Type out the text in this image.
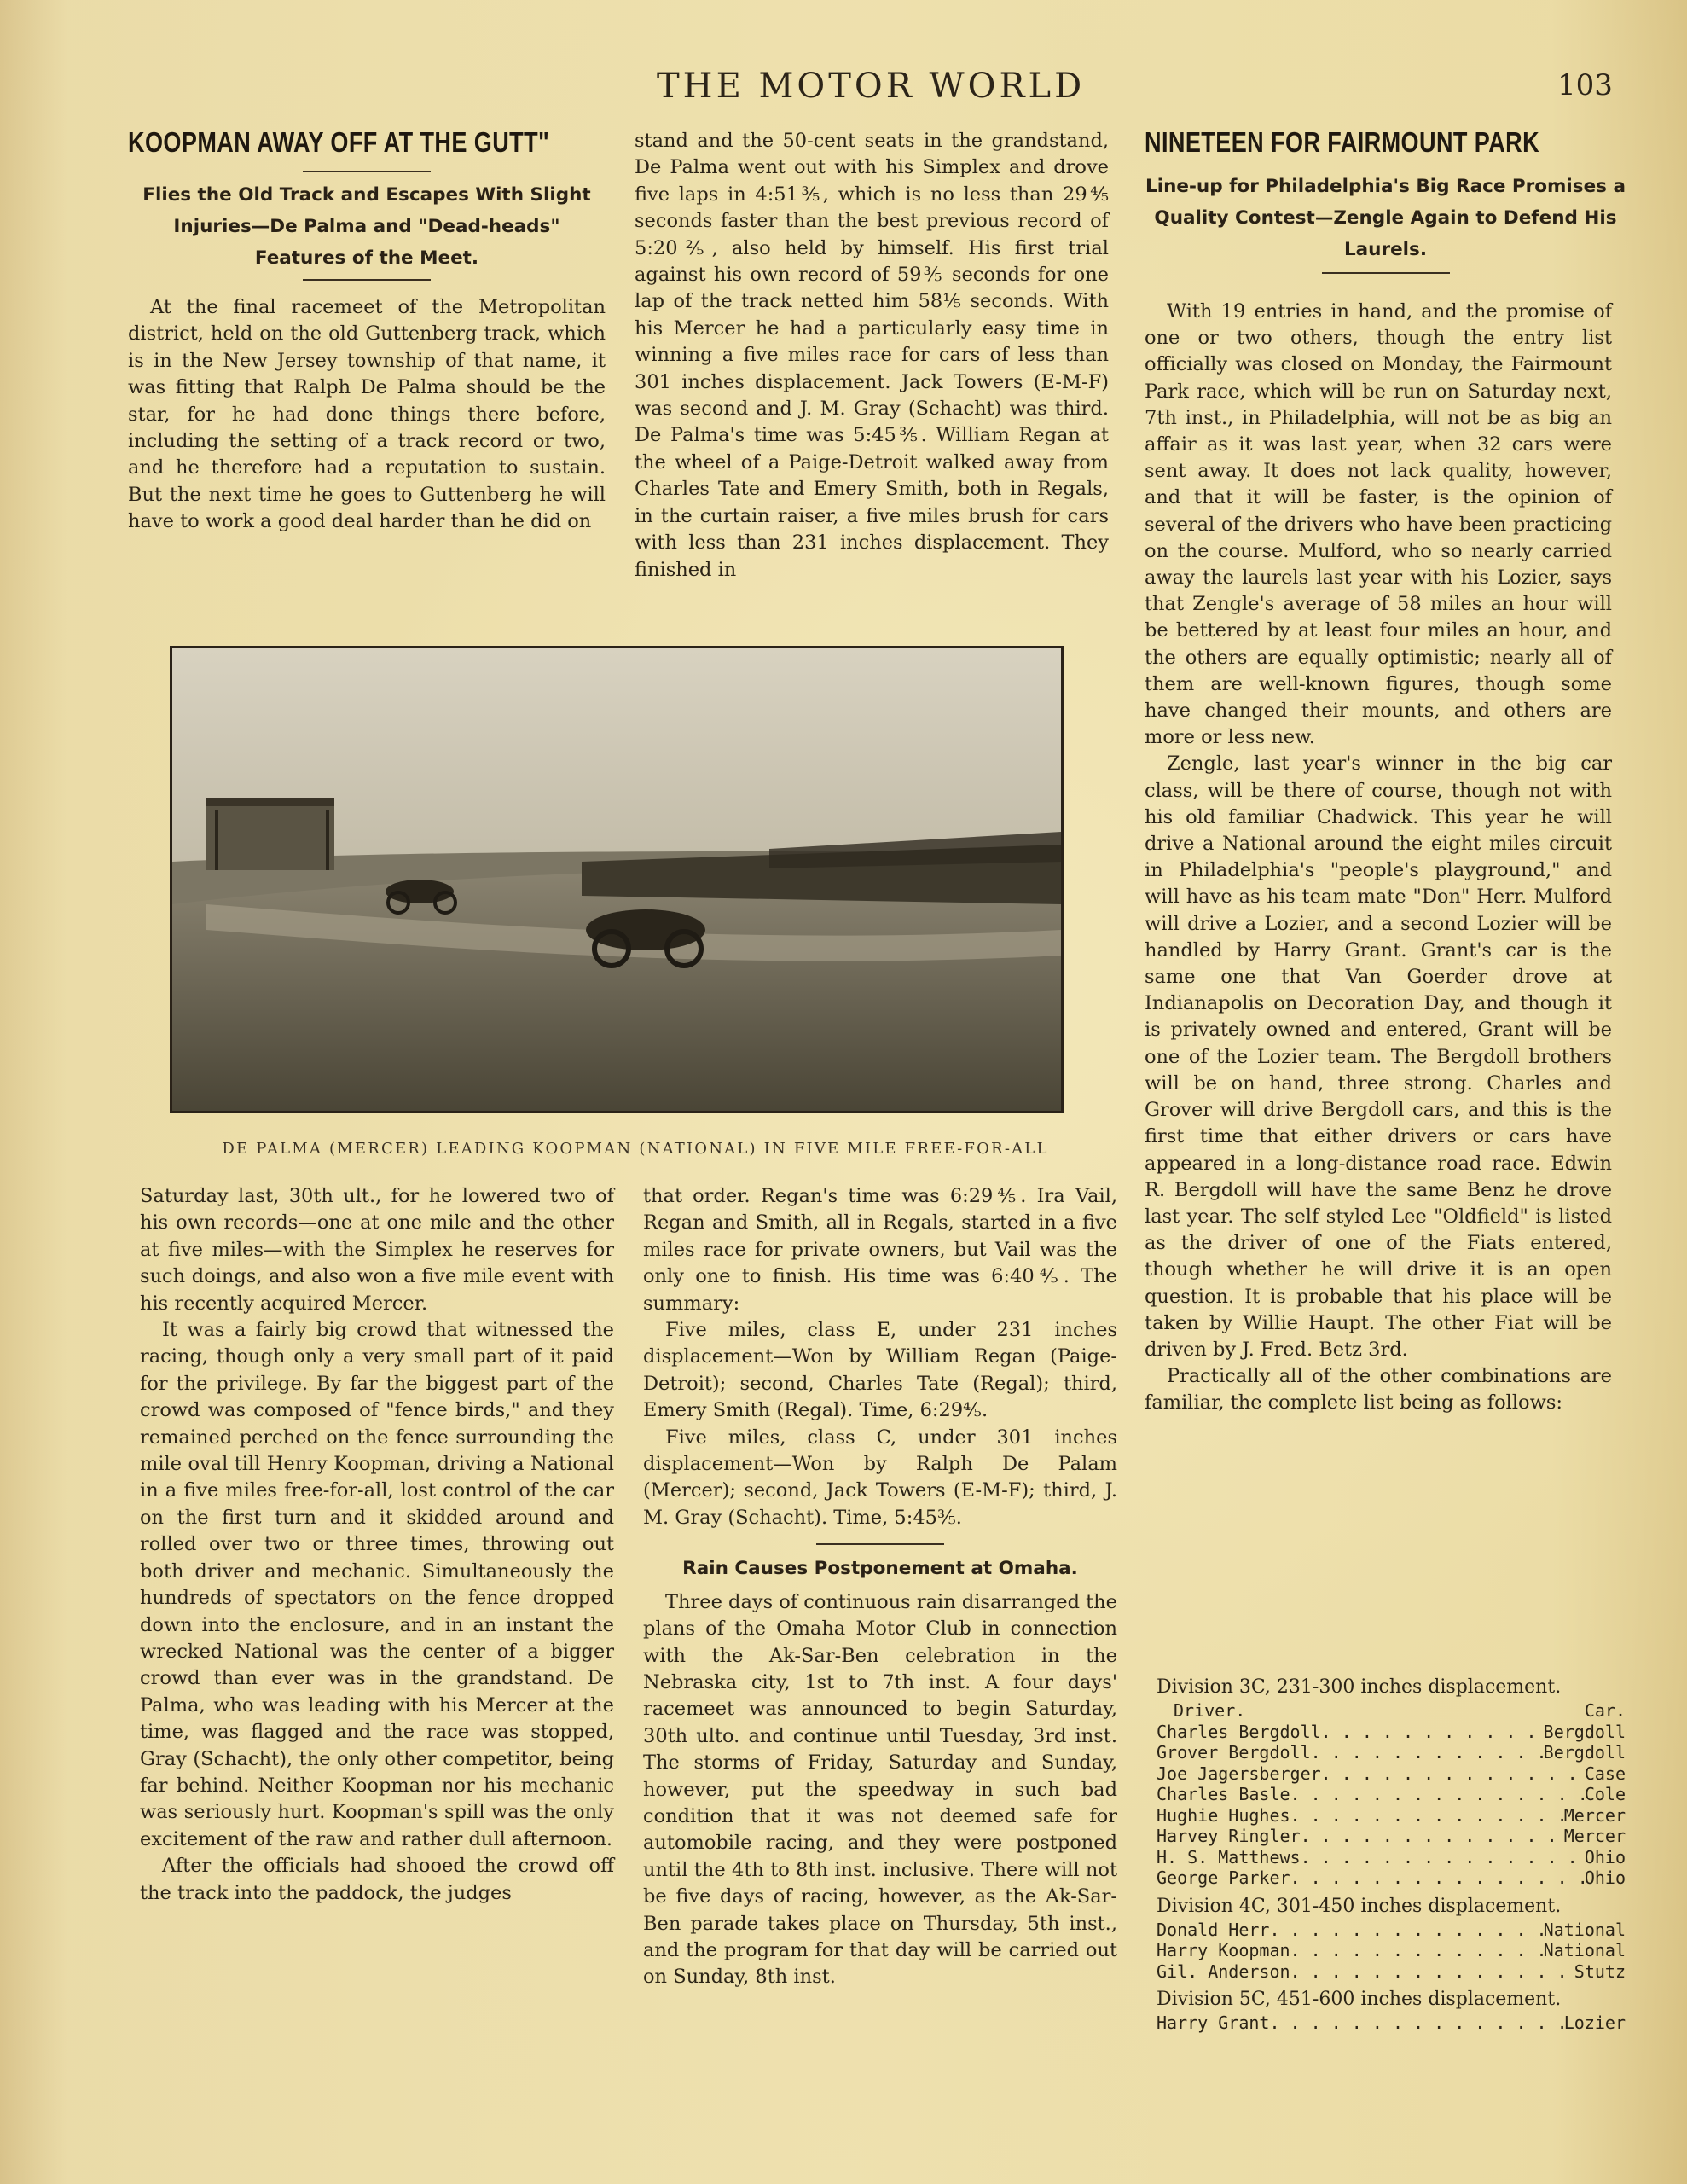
THE MOTOR WORLD	103
KOOPMAN AWAY OFF AT THE GUTT"
Flies the Old Track and Escapes With Slight Injuries—De Palma and "Dead-heads" Features of the Meet.

At the final racemeet of the Metropolitan district, held on the old Guttenberg track, which is in the New Jersey township of that name, it was fitting that Ralph De Palma should be the star, for he had done things there before, including the setting of a track record or two, and he therefore had a reputation to sustain. But the next time he goes to Guttenberg he will have to work a good deal harder than he did on

stand and the 50-cent seats in the grandstand, De Palma went out with his Simplex and drove five laps in 4:51⅗, which is no less than 29⅘ seconds faster than the best previous record of 5:20⅖, also held by himself. His first trial against his own record of 59⅗ seconds for one lap of the track netted him 58⅕ seconds. With his Mercer he had a particularly easy time in winning a five miles race for cars of less than 301 inches displacement. Jack Towers (E-M-F) was second and J. M. Gray (Schacht) was third. De Palma's time was 5:45⅗. William Regan at the wheel of a Paige-Detroit walked away from Charles Tate and Emery Smith, both in Regals, in the curtain raiser, a five miles brush for cars with less than 231 inches displacement. They finished in

DE PALMA (MERCER) LEADING KOOPMAN (NATIONAL) IN FIVE MILE FREE-FOR-ALL

Saturday last, 30th ult., for he lowered two of his own records—one at one mile and the other at five miles—with the Simplex he reserves for such doings, and also won a five mile event with his recently acquired Mercer.

It was a fairly big crowd that witnessed the racing, though only a very small part of it paid for the privilege. By far the biggest part of the crowd was composed of "fence birds," and they remained perched on the fence surrounding the mile oval till Henry Koopman, driving a National in a five miles free-for-all, lost control of the car on the first turn and it skidded around and rolled over two or three times, throwing out both driver and mechanic. Simultaneously the hundreds of spectators on the fence dropped down into the enclosure, and in an instant the wrecked National was the center of a bigger crowd than ever was in the grandstand. De Palma, who was leading with his Mercer at the time, was flagged and the race was stopped, Gray (Schacht), the only other competitor, being far behind. Neither Koopman nor his mechanic was seriously hurt. Koopman's spill was the only excitement of the raw and rather dull afternoon.

After the officials had shooed the crowd off the track into the paddock, the judges

that order. Regan's time was 6:29⅘. Ira Vail, Regan and Smith, all in Regals, started in a five miles race for private owners, but Vail was the only one to finish. His time was 6:40⅘. The summary:

Five miles, class E, under 231 inches displacement—Won by William Regan (Paige-Detroit); second, Charles Tate (Regal); third, Emery Smith (Regal). Time, 6:29⅘.

Five miles, class C, under 301 inches displacement—Won by Ralph De Palam (Mercer); second, Jack Towers (E-M-F); third, J. M. Gray (Schacht). Time, 5:45⅗.

Rain Causes Postponement at Omaha.

Three days of continuous rain disarranged the plans of the Omaha Motor Club in connection with the Ak-Sar-Ben celebration in the Nebraska city, 1st to 7th inst. A four days' racemeet was announced to begin Saturday, 30th ulto. and continue until Tuesday, 3rd inst. The storms of Friday, Saturday and Sunday, however, put the speedway in such bad condition that it was not deemed safe for automobile racing, and they were postponed until the 4th to 8th inst. inclusive. There will not be five days of racing, however, as the Ak-Sar-Ben parade takes place on Thursday, 5th inst., and the program for that day will be carried out on Sunday, 8th inst.

NINETEEN FOR FAIRMOUNT PARK
Line-up for Philadelphia's Big Race Promises a Quality Contest—Zengle Again to Defend His Laurels.

With 19 entries in hand, and the promise of one or two others, though the entry list officially was closed on Monday, the Fairmount Park race, which will be run on Saturday next, 7th inst., in Philadelphia, will not be as big an affair as it was last year, when 32 cars were sent away. It does not lack quality, however, and that it will be faster, is the opinion of several of the drivers who have been practicing on the course. Mulford, who so nearly carried away the laurels last year with his Lozier, says that Zengle's average of 58 miles an hour will be bettered by at least four miles an hour, and the others are equally optimistic; nearly all of them are well-known figures, though some have changed their mounts, and others are more or less new.

Zengle, last year's winner in the big car class, will be there of course, though not with his old familiar Chadwick. This year he will drive a National around the eight miles circuit in Philadelphia's "people's playground," and will have as his team mate "Don" Herr. Mulford will drive a Lozier, and a second Lozier will be handled by Harry Grant. Grant's car is the same one that Van Goerder drove at Indianapolis on Decoration Day, and though it is privately owned and entered, Grant will be one of the Lozier team. The Bergdoll brothers will be on hand, three strong. Charles and Grover will drive Bergdoll cars, and this is the first time that either drivers or cars have appeared in a long-distance road race. Edwin R. Bergdoll will have the same Benz he drove last year. The self styled Lee "Oldfield" is listed as the driver of one of the Fiats entered, though whether he will drive it is an open question. It is probable that his place will be taken by Willie Haupt. The other Fiat will be driven by J. Fred. Betz 3rd.

Practically all of the other combinations are familiar, the complete list being as follows:

Division 3C, 231-300 inches displacement.
Driver.	Car.
Charles Bergdoll . . .	Bergdoll
Grover Bergdoll . . .	Bergdoll
Joe Jagersberger . . .	Case
Charles Basle . . .	Cole
Hughie Hughes . . .	Mercer
Harvey Ringler . . .	Mercer
H. S. Matthews . . .	Ohio
George Parker . . .	Ohio
Division 4C, 301-450 inches displacement.
Donald Herr . . .	National
Harry Koopman . . .	National
Gil. Anderson . . .	Stutz
Division 5C, 451-600 inches displacement.
Harry Grant . . .	Lozier
